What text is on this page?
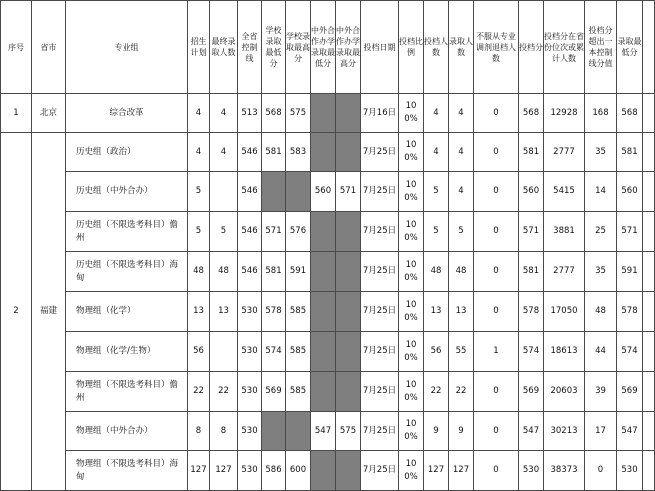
序号	省市	专业组	招生计划	最终录取人数	全省控制线	学校录取最低分	学校录取最高分	中外合作办学录取最低分	中外合作办学录取最高分	投档日期	投档比例	投档人数	录取人数	不服从专业调剂退档人数	投档分	投档分在省份位次或累计人数	投档分超出一本控制线分值	录取最低分	
1	北京	综合改革	4	4	513	568	575			7月16日	100%	4	4	0	568	12928	168	568	
2	福建	历史组（政治）	4	4	546	581	583			7月25日	100%	4	4	0	581	2777	35	581	
		历史组（中外合办）	5		546			560	571	7月25日	100%	5	4	0	560	5415	14	560	
		历史组（不限选考科目）儋州	5	5	546	571	576			7月25日	100%	5	5	0	571	3881	25	571	
		历史组（不限选考科目）海甸	48	48	546	581	591			7月25日	100%	48	48	0	581	2777	35	591	
		物理组（化学）	13	13	530	578	585			7月25日	100%	13	13	0	578	17050	48	578	
		物理组（化学/生物）	56		530	574	585			7月25日	100%	56	55	1	574	18613	44	574	
		物理组（不限选考科目）儋州	22	22	530	569	585			7月25日	100%	22	22	0	569	20603	39	569	
		物理组（中外合办）	8	8	530			547	575	7月25日	100%	9	9	0	547	30213	17	547	
		物理组（不限选考科目）海甸	127	127	530	586	600			7月25日	100%	127	127	0	530	38373	0	530	
